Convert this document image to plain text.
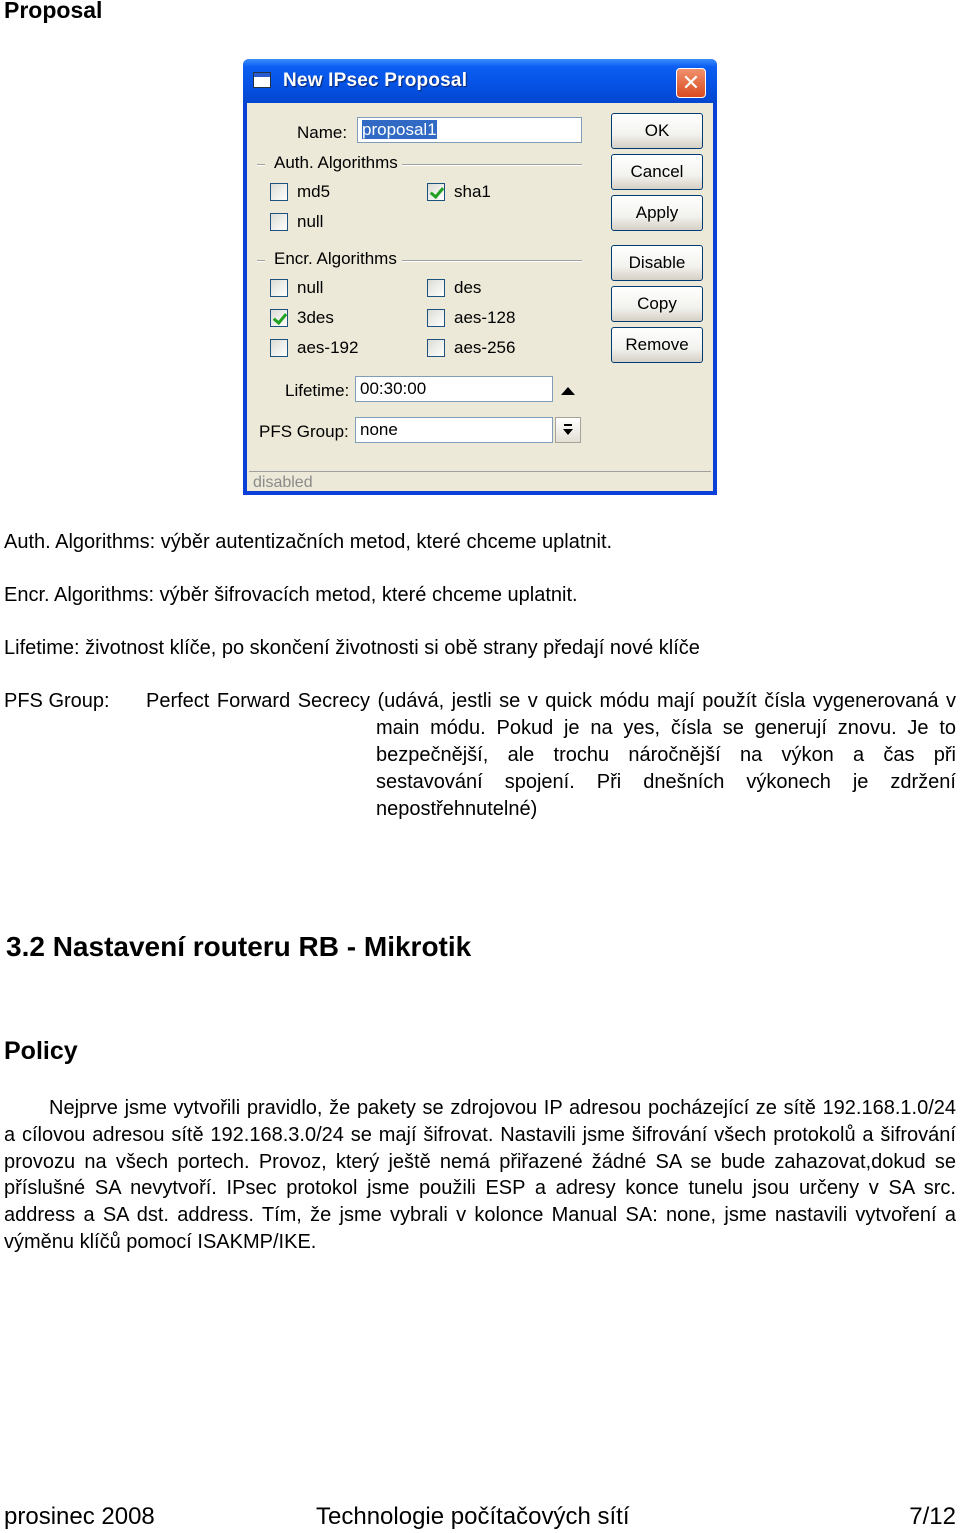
Proposal
New IPsec Proposal	✕
Name: proposal1
Auth. Algorithms
md5	sha1
null
Encr. Algorithms
null	des
3des	aes-128
aes-192	aes-256
Lifetime: 00:30:00
PFS Group: none
OK
Cancel
Apply
Disable
Copy
Remove
disabled

Auth. Algorithms: výběr autentizačních metod, které chceme uplatnit.

Encr. Algorithms: výběr šifrovacích metod, které chceme uplatnit.

Lifetime: životnost klíče, po skončení životnosti si obě strany předají nové klíče

PFS Group: Perfect Forward Secrecy (udává, jestli se v quick módu mají použít čísla vygenerovaná v main módu. Pokud je na yes, čísla se generují znovu. Je to bezpečnější, ale trochu náročnější na výkon a čas při sestavování spojení. Při dnešních výkonech je zdržení nepostřehnutelné)

3.2 Nastavení routeru RB - Mikrotik
Policy

Nejprve jsme vytvořili pravidlo, že pakety se zdrojovou IP adresou pocházející ze sítě 192.168.1.0/24 a cílovou adresou sítě 192.168.3.0/24 se mají šifrovat. Nastavili jsme šifrování všech protokolů a šifrování provozu na všech portech. Provoz, který ještě nemá přiřazené žádné SA se bude zahazovat,dokud se příslušné SA nevytvoří. IPsec protokol jsme použili ESP a adresy konce tunelu jsou určeny v SA src. address a SA dst. address. Tím, že jsme vybrali v kolonce Manual SA: none, jsme nastavili vytvoření a výměnu klíčů pomocí ISAKMP/IKE.

prosinec 2008	Technologie počítačových sítí	7/12
